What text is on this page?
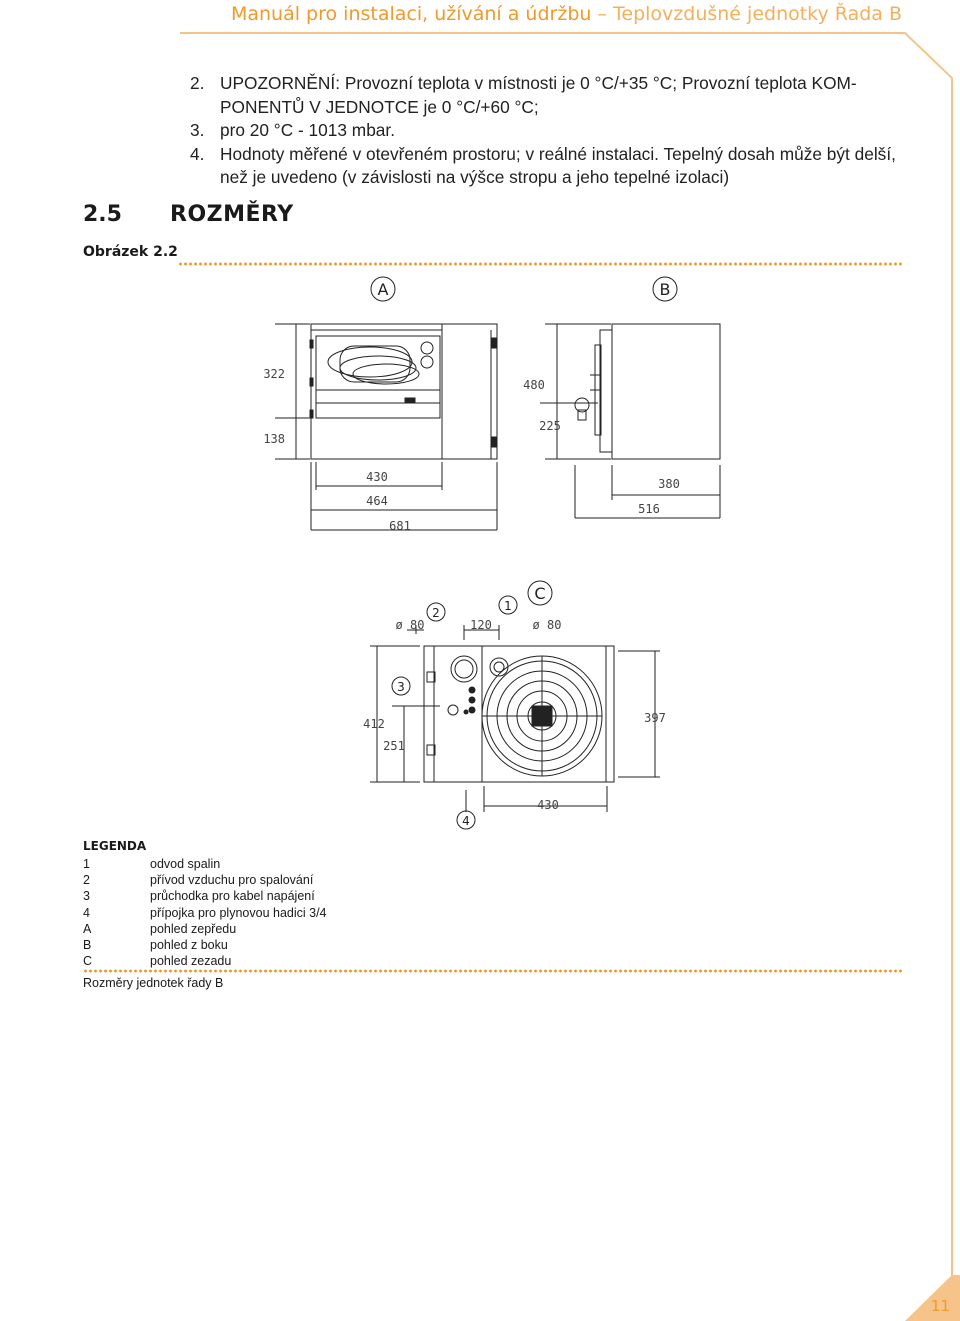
Manuál pro instalaci, užívání a údržbu – Teplovzdušné jednotky Řada B
2. UPOZORNĚNÍ: Provozní teplota v místnosti je 0 °C/+35 °C; Provozní teplota KOM-PONENTŮ V JEDNOTCE je 0 °C/+60 °C;
3. pro 20 °C - 1013 mbar.
4. Hodnoty měřené v otevřeném prostoru; v reálné instalaci. Tepelný dosah může být delší, než je uvedeno (v závislosti na výšce stropu a jeho tepelné izolaci)
2.5 ROZMĚRY
Obrázek 2.2
A	B
C
2	1
3
4
322
138
430
464
681
480
225
380
516
ø 80	120	ø 80
412
251
397
430
LEGENDA
1	odvod spalin
2	přívod vzduchu pro spalování
3	průchodka pro kabel napájení
4	přípojka pro plynovou hadici 3/4
A	pohled zepředu
B	pohled z boku
C	pohled zezadu
Rozměry jednotek řady B
11
